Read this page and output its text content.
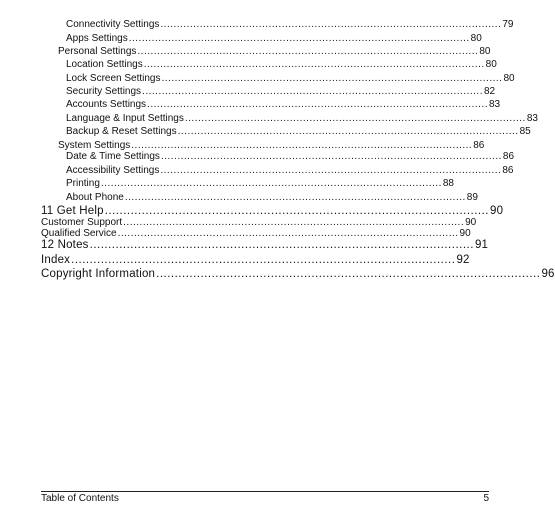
Connectivity Settings ........................................................................................................ 79
Apps Settings ........................................................................................................ 80
Personal Settings ........................................................................................................ 80
Location Settings ........................................................................................................ 80
Lock Screen Settings ........................................................................................................ 80
Security Settings ........................................................................................................ 82
Accounts Settings ........................................................................................................ 83
Language & Input Settings ........................................................................................................ 83
Backup & Reset Settings ........................................................................................................ 85
System Settings ........................................................................................................ 86
Date & Time Settings ........................................................................................................ 86
Accessibility Settings ........................................................................................................ 86
Printing ........................................................................................................ 88
About Phone ........................................................................................................ 89
11 Get Help ........................................................................................................ 90
Customer Support ........................................................................................................ 90
Qualified Service ........................................................................................................ 90
12 Notes ........................................................................................................ 91
Index ........................................................................................................ 92
Copyright Information ........................................................................................................ 96
Table of Contents	5
